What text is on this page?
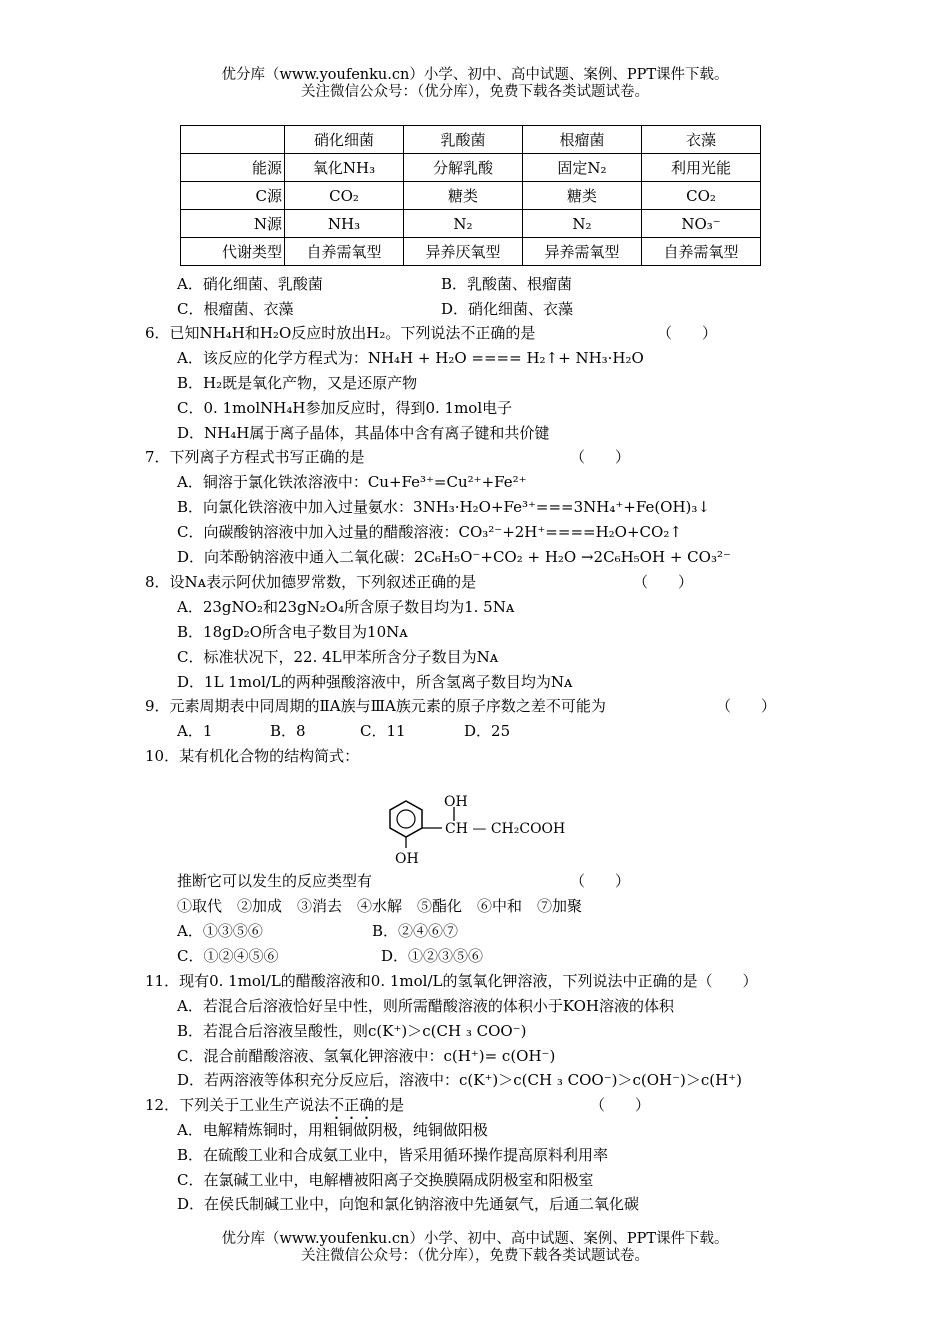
优分库（www.youfenku.cn）小学、初中、高中试题、案例、PPT课件下载。
关注微信公众号：（优分库），免费下载各类试题试卷。
	硝化细菌	乳酸菌	根瘤菌	衣藻
能源	氧化NH₃	分解乳酸	固定N₂	利用光能
C源	CO₂	糖类	糖类	CO₂
N源	NH₃	N₂	N₂	NO₃⁻
代谢类型	自养需氧型	异养厌氧型	异养需氧型	自养需氧型
A．硝化细菌、乳酸菌	B．乳酸菌、根瘤菌
C．根瘤菌、衣藻	D．硝化细菌、衣藻
6．已知NH₄H和H₂O反应时放出H₂。下列说法不正确的是	（　　）
A．该反应的化学方程式为：NH₄H + H₂O ==== H₂↑+ NH₃·H₂O
B．H₂既是氧化产物，又是还原产物
C．0. 1molNH₄H参加反应时，得到0. 1mol电子
D．NH₄H属于离子晶体，其晶体中含有离子键和共价键
7．下列离子方程式书写正确的是	（　　）
A．铜溶于氯化铁浓溶液中：Cu+Fe³⁺=Cu²⁺+Fe²⁺
B．向氯化铁溶液中加入过量氨水：3NH₃·H₂O+Fe³⁺===3NH₄⁺+Fe(OH)₃↓
C．向碳酸钠溶液中加入过量的醋酸溶液：CO₃²⁻+2H⁺====H₂O+CO₂↑
D．向苯酚钠溶液中通入二氧化碳：2C₆H₅O⁻+CO₂ + H₂O →2C₆H₅OH + CO₃²⁻
8．设Nᴀ表示阿伏加德罗常数，下列叙述正确的是	（　　）
A．23gNO₂和23gN₂O₄所含原子数目均为1. 5Nᴀ
B．18gD₂O所含电子数目为10Nᴀ
C．标准状况下，22. 4L甲苯所含分子数目为Nᴀ
D．1L 1mol/L的两种强酸溶液中，所含氢离子数目均为Nᴀ
9．元素周期表中同周期的ⅡA族与ⅢA族元素的原子序数之差不可能为	（　　）
A．1	B．8	C．11	D．25
10．某有机化合物的结构简式：
OH
CH — CH₂COOH
OH
推断它可以发生的反应类型有	（　　）
①取代　②加成　③消去　④水解　⑤酯化　⑥中和　⑦加聚
A．①③⑤⑥	B．②④⑥⑦
C．①②④⑤⑥	D．①②③⑤⑥
11．现有0. 1mol/L的醋酸溶液和0. 1mol/L的氢氧化钾溶液，下列说法中正确的是（　　）
A．若混合后溶液恰好呈中性，则所需醋酸溶液的体积小于KOH溶液的体积
B．若混合后溶液呈酸性，则c(K⁺)＞c(CH ₃ COO⁻)
C．混合前醋酸溶液、氢氧化钾溶液中：c(H⁺)= c(OH⁻)
D．若两溶液等体积充分反应后，溶液中：c(K⁺)＞c(CH ₃ COO⁻)＞c(OH⁻)＞c(H⁺)
12．下列关于工业生产说法不正确的是	（　　）
A．电解精炼铜时，用粗铜做阴极，纯铜做阳极
B．在硫酸工业和合成氨工业中，皆采用循环操作提高原料利用率
C．在氯碱工业中，电解槽被阳离子交换膜隔成阴极室和阳极室
D．在侯氏制碱工业中，向饱和氯化钠溶液中先通氨气，后通二氧化碳
优分库（www.youfenku.cn）小学、初中、高中试题、案例、PPT课件下载。
关注微信公众号：（优分库），免费下载各类试题试卷。
